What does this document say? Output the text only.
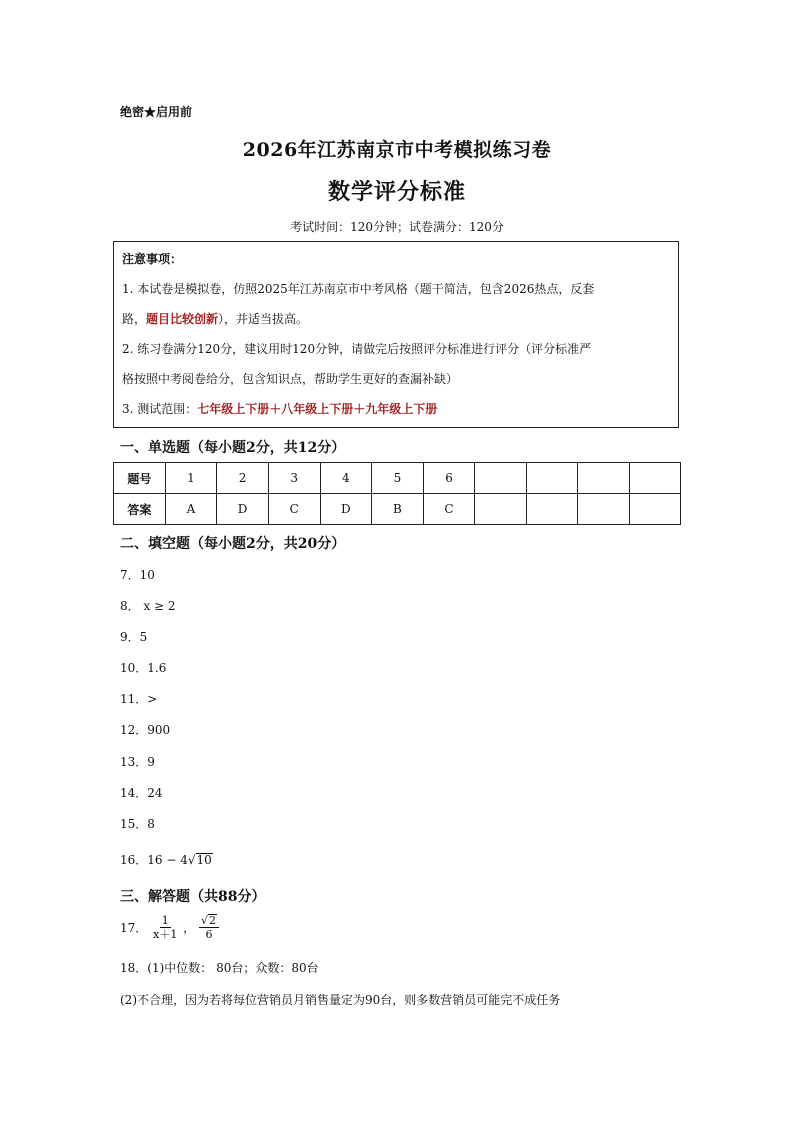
绝密★启用前
2026年江苏南京市中考模拟练习卷
数学评分标准
考试时间：120分钟；试卷满分：120分
注意事项：

1. 本试卷是模拟卷，仿照2025年江苏南京市中考风格（题干简洁，包含2026热点，反套

路，题目比较创新），并适当拔高。

2. 练习卷满分120分，建议用时120分钟，请做完后按照评分标准进行评分（评分标准严

格按照中考阅卷给分，包含知识点，帮助学生更好的查漏补缺）

3. 测试范围：七年级上下册＋八年级上下册＋九年级上下册

一、单选题（每小题2分，共12分）
题号	1	2	3	4	5	6				
答案	A	D	C	D	B	C				
二、填空题（每小题2分，共20分）
7．10
8． x ≥ 2
9．5
10．1.6
11．>
12．900
13．9
14．24
15．8
16．16 − 4√10
三、解答题（共88分）
17． $\frac{1}{x+1}$ ， $\frac{√2}{6}$
18．(1)中位数： 80台；众数：80台
(2)不合理，因为若将每位营销员月销售量定为90台，则多数营销员可能完不成任务
